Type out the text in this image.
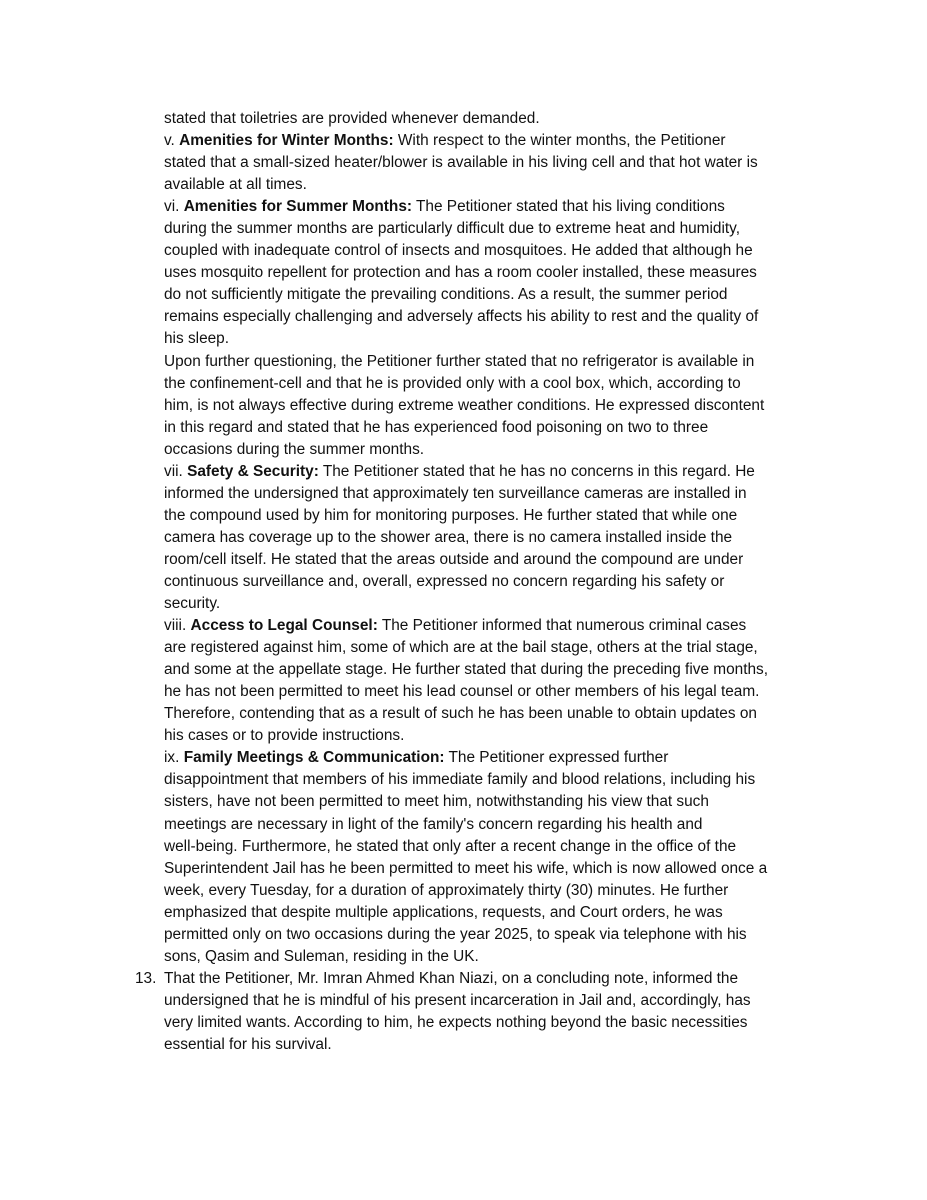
stated that toiletries are provided whenever demanded.
v. Amenities for Winter Months: With respect to the winter months, the Petitioner
stated that a small-sized heater/blower is available in his living cell and that hot water is
available at all times.
vi. Amenities for Summer Months: The Petitioner stated that his living conditions
during the summer months are particularly difficult due to extreme heat and humidity,
coupled with inadequate control of insects and mosquitoes. He added that although he
uses mosquito repellent for protection and has a room cooler installed, these measures
do not sufficiently mitigate the prevailing conditions. As a result, the summer period
remains especially challenging and adversely affects his ability to rest and the quality of
his sleep.
Upon further questioning, the Petitioner further stated that no refrigerator is available in
the confinement-cell and that he is provided only with a cool box, which, according to
him, is not always effective during extreme weather conditions. He expressed discontent
in this regard and stated that he has experienced food poisoning on two to three
occasions during the summer months.
vii. Safety & Security: The Petitioner stated that he has no concerns in this regard. He
informed the undersigned that approximately ten surveillance cameras are installed in
the compound used by him for monitoring purposes. He further stated that while one
camera has coverage up to the shower area, there is no camera installed inside the
room/cell itself. He stated that the areas outside and around the compound are under
continuous surveillance and, overall, expressed no concern regarding his safety or
security.
viii. Access to Legal Counsel: The Petitioner informed that numerous criminal cases
are registered against him, some of which are at the bail stage, others at the trial stage,
and some at the appellate stage. He further stated that during the preceding five months,
he has not been permitted to meet his lead counsel or other members of his legal team.
Therefore, contending that as a result of such he has been unable to obtain updates on
his cases or to provide instructions.
ix. Family Meetings & Communication: The Petitioner expressed further
disappointment that members of his immediate family and blood relations, including his
sisters, have not been permitted to meet him, notwithstanding his view that such
meetings are necessary in light of the family's concern regarding his health and
well-being. Furthermore, he stated that only after a recent change in the office of the
Superintendent Jail has he been permitted to meet his wife, which is now allowed once a
week, every Tuesday, for a duration of approximately thirty (30) minutes. He further
emphasized that despite multiple applications, requests, and Court orders, he was
permitted only on two occasions during the year 2025, to speak via telephone with his
sons, Qasim and Suleman, residing in the UK.
13. That the Petitioner, Mr. Imran Ahmed Khan Niazi, on a concluding note, informed the
undersigned that he is mindful of his present incarceration in Jail and, accordingly, has
very limited wants. According to him, he expects nothing beyond the basic necessities
essential for his survival.
